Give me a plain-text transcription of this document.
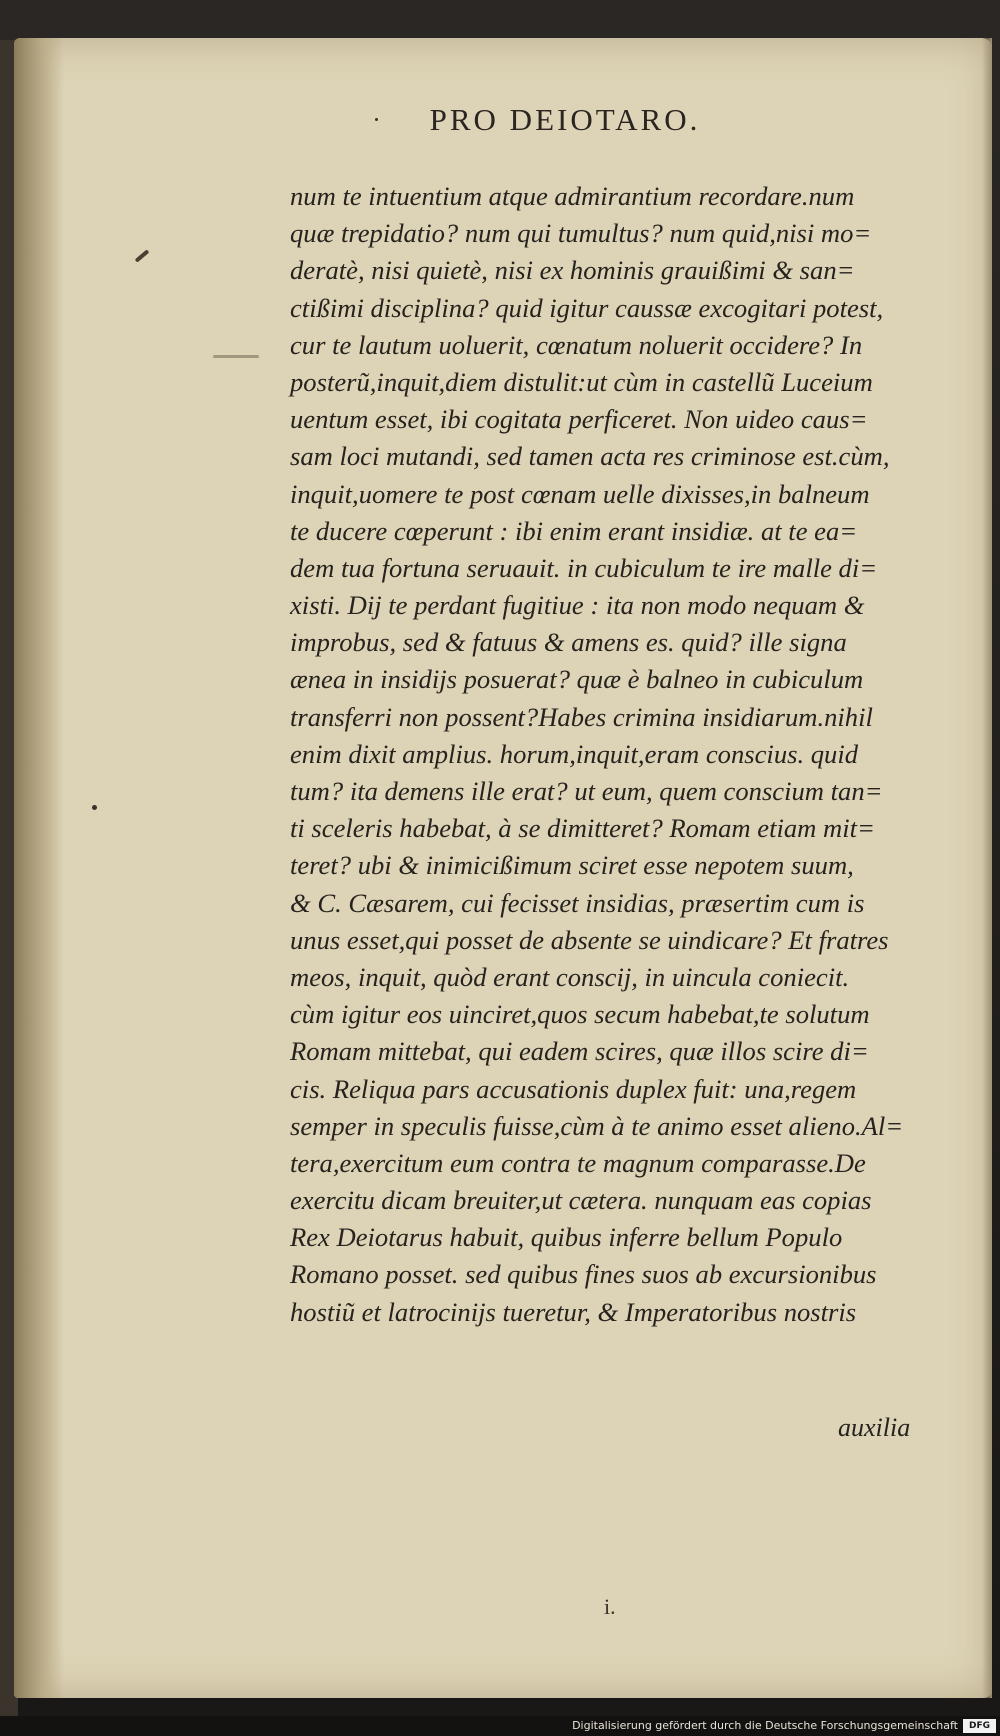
PRO DEIOTARO.
num te intuentium atque admirantium recordare.num
quæ trepidatio? num qui tumultus? num quid,nisi mo=
deratè, nisi quietè, nisi ex hominis grauißimi & san=
ctißimi disciplina? quid igitur caussæ excogitari potest,
cur te lautum uoluerit, cœnatum noluerit occidere? In
posterũ,inquit,diem distulit:ut cùm in castellũ Luceium
uentum esset, ibi cogitata perficeret. Non uideo caus=
sam loci mutandi, sed tamen acta res criminose est.cùm,
inquit,uomere te post cœnam uelle dixisses,in balneum
te ducere cœperunt : ibi enim erant insidiæ. at te ea=
dem tua fortuna seruauit. in cubiculum te ire malle di=
xisti. Dij te perdant fugitiue : ita non modo nequam &
improbus, sed & fatuus & amens es. quid? ille signa
ænea in insidijs posuerat? quæ è balneo in cubiculum
transferri non possent?Habes crimina insidiarum.nihil
enim dixit amplius. horum,inquit,eram conscius. quid
tum? ita demens ille erat? ut eum, quem conscium tan=
ti sceleris habebat, à se dimitteret? Romam etiam mit=
teret? ubi & inimicißimum sciret esse nepotem suum,
& C. Cæsarem, cui fecisset insidias, præsertim cum is
unus esset,qui posset de absente se uindicare? Et fratres
meos, inquit, quòd erant conscij, in uincula coniecit.
cùm igitur eos uinciret,quos secum habebat,te solutum
Romam mittebat, qui eadem scires, quæ illos scire di=
cis. Reliqua pars accusationis duplex fuit: una,regem
semper in speculis fuisse,cùm à te animo esset alieno.Al=
tera,exercitum eum contra te magnum comparasse.De
exercitu dicam breuiter,ut cætera. nunquam eas copias
Rex Deiotarus habuit, quibus inferre bellum Populo
Romano posset. sed quibus fines suos ab excursionibus
hostiũ et latrocinijs tueretur, & Imperatoribus nostris
auxilia
i.
Digitalisierung gefördert durch die Deutsche Forschungsgemeinschaft	DFG
